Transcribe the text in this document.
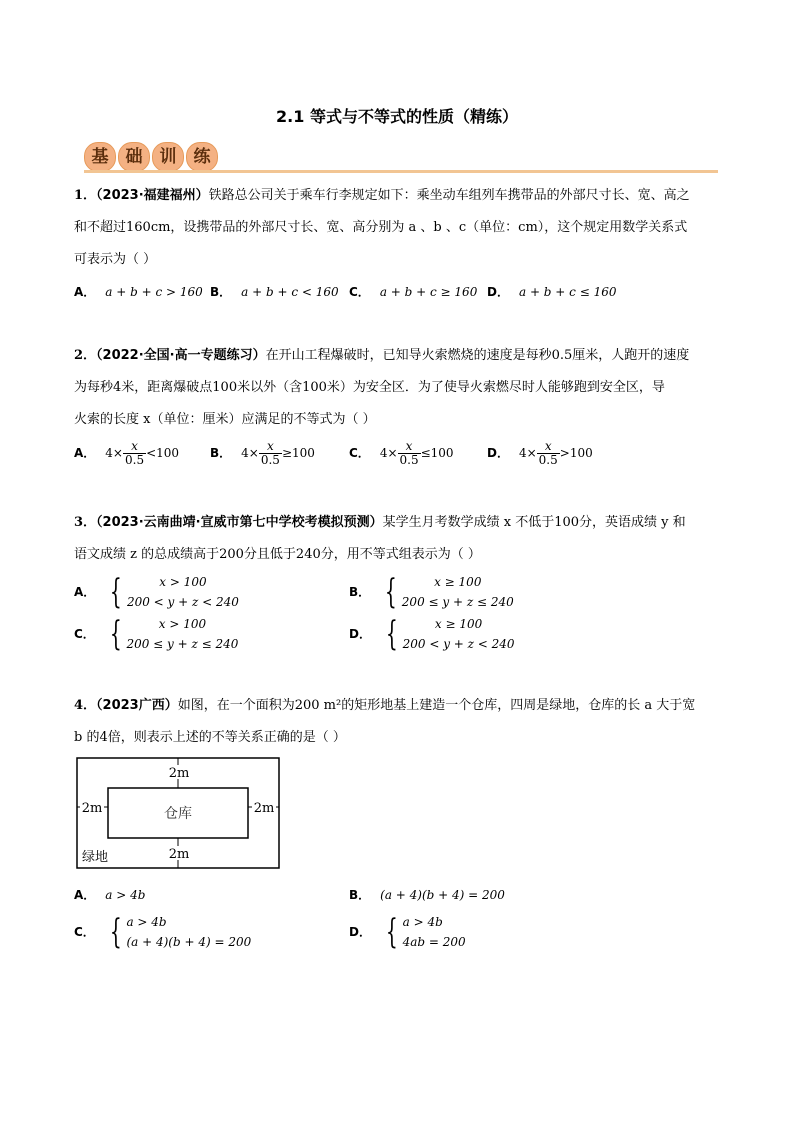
2.1 等式与不等式的性质（精练）
基	础	训	练

1．（2023·福建福州）铁路总公司关于乘车行李规定如下：乘坐动车组列车携带品的外部尺寸长、宽、高之

和不超过160cm，设携带品的外部尺寸长、宽、高分别为 a 、b 、c（单位：cm），这个规定用数学关系式

可表示为（ ）

A． a + b + c > 160 B． a + b + c < 160 C． a + b + c ≥ 160 D． a + b + c ≤ 160

2．（2022·全国·高一专题练习）在开山工程爆破时，已知导火索燃烧的速度是每秒0.5厘米，人跑开的速度

为每秒4米，距离爆破点100米以外（含100米）为安全区．为了使导火索燃尽时人能够跑到安全区，导

火索的长度 x（单位：厘米）应满足的不等式为（ ）

A． $4\times \frac{x}{0.5} <100$	B． $4\times \frac{x}{0.5} \ge 100$	C． $4\times \frac{x}{0.5} \le 100$	D． $4\times \frac{x}{0.5} >100$

3．（2023·云南曲靖·宣威市第七中学校考模拟预测）某学生月考数学成绩 x 不低于100分，英语成绩 y 和

语文成绩 z 的总成绩高于200分且低于240分，用不等式组表示为（ ）

A． {	x > 100
200 < y + z < 240
B． {	x ≥ 100
200 ≤ y + z ≤ 240
C． {	x > 100
200 ≤ y + z ≤ 240
D． {	x ≥ 100
200 < y + z < 240

4．（2023广西）如图，在一个面积为200 m²的矩形地基上建造一个仓库，四周是绿地，仓库的长 a 大于宽

b 的4倍，则表示上述的不等关系正确的是（ ）

2m
2m	2m
2m
仓库
绿地
A． a > 4b	B． (a + 4)(b + 4) = 200
C． { a > 4b
(a + 4)(b + 4) = 200
D． { a > 4b
4ab = 200
